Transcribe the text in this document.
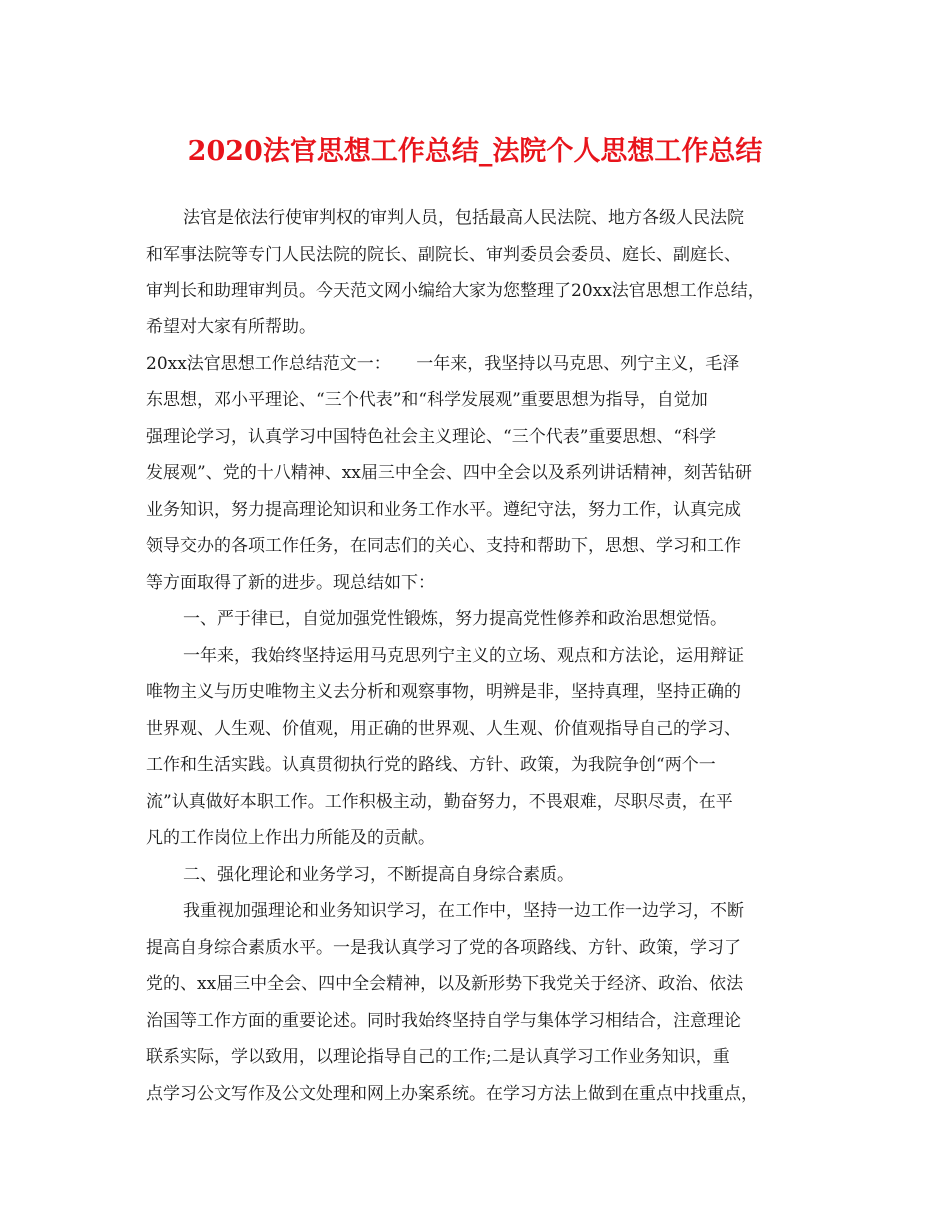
2020法官思想工作总结_法院个人思想工作总结
法官是依法行使审判权的审判人员，包括最高人民法院、地方各级人民法院
和军事法院等专门人民法院的院长、副院长、审判委员会委员、庭长、副庭长、
审判长和助理审判员。今天范文网小编给大家为您整理了20xx法官思想工作总结，
希望对大家有所帮助。
20xx法官思想工作总结范文一：　　一年来，我坚持以马克思、列宁主义，毛泽
东思想，邓小平理论、“三个代表”和“科学发展观”重要思想为指导，自觉加
强理论学习，认真学习中国特色社会主义理论、“三个代表”重要思想、“科学
发展观”、党的十八精神、xx届三中全会、四中全会以及系列讲话精神，刻苦钻研
业务知识，努力提高理论知识和业务工作水平。遵纪守法，努力工作，认真完成
领导交办的各项工作任务，在同志们的关心、支持和帮助下，思想、学习和工作
等方面取得了新的进步。现总结如下：
一、严于律已，自觉加强党性锻炼，努力提高党性修养和政治思想觉悟。
一年来，我始终坚持运用马克思列宁主义的立场、观点和方法论，运用辩证
唯物主义与历史唯物主义去分析和观察事物，明辨是非，坚持真理，坚持正确的
世界观、人生观、价值观，用正确的世界观、人生观、价值观指导自己的学习、
工作和生活实践。认真贯彻执行党的路线、方针、政策，为我院争创“两个一
流”认真做好本职工作。工作积极主动，勤奋努力，不畏艰难，尽职尽责，在平
凡的工作岗位上作出力所能及的贡献。
二、强化理论和业务学习，不断提高自身综合素质。
我重视加强理论和业务知识学习，在工作中，坚持一边工作一边学习，不断
提高自身综合素质水平。一是我认真学习了党的各项路线、方针、政策，学习了
党的、xx届三中全会、四中全会精神，以及新形势下我党关于经济、政治、依法
治国等工作方面的重要论述。同时我始终坚持自学与集体学习相结合，注意理论
联系实际，学以致用，以理论指导自己的工作;二是认真学习工作业务知识，重
点学习公文写作及公文处理和网上办案系统。在学习方法上做到在重点中找重点，
